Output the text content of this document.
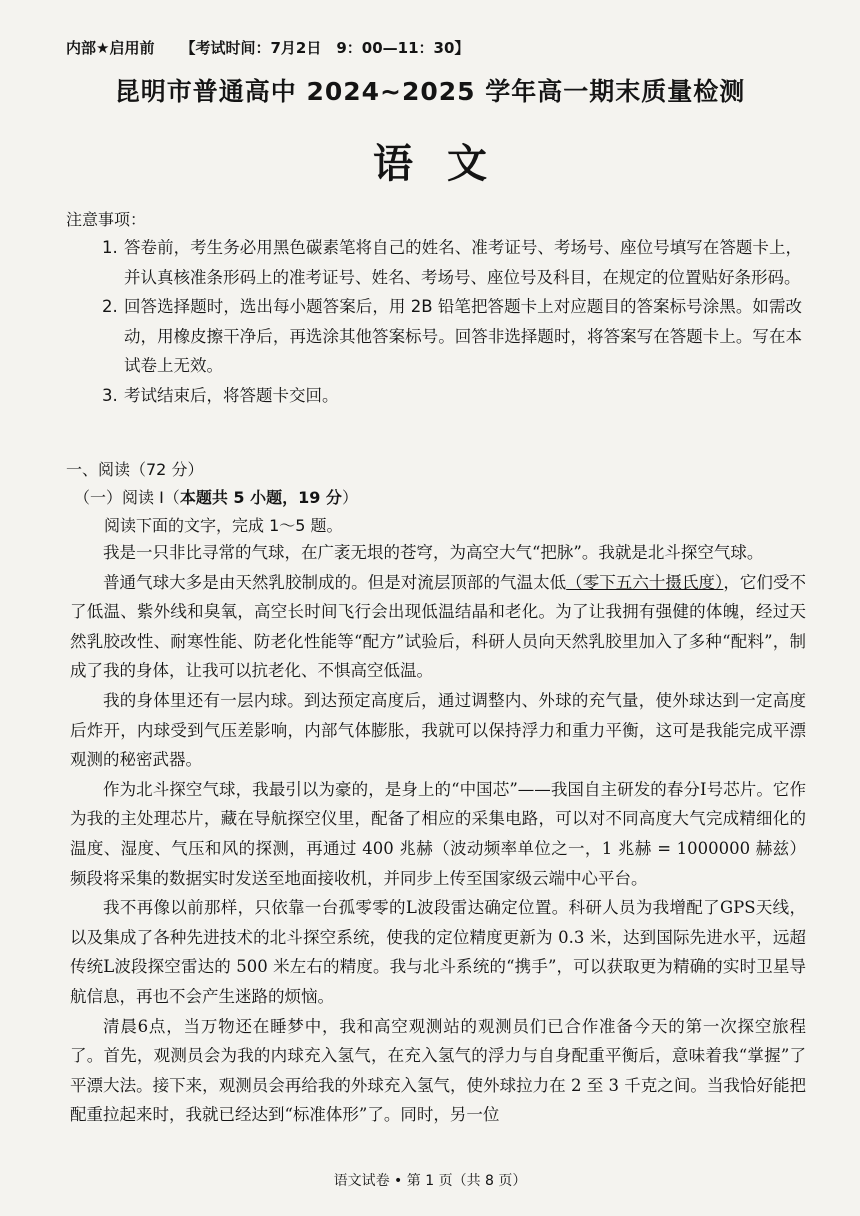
内部★启用前 【考试时间：7月2日　9：00—11：30】
昆明市普通高中 2024~2025 学年高一期末质量检测
语文
注意事项：
1. 答卷前，考生务必用黑色碳素笔将自己的姓名、准考证号、考场号、座位号填写在答题卡上，并认真核准条形码上的准考证号、姓名、考场号、座位号及科目，在规定的位置贴好条形码。
2. 回答选择题时，选出每小题答案后，用 2B 铅笔把答题卡上对应题目的答案标号涂黑。如需改动，用橡皮擦干净后，再选涂其他答案标号。回答非选择题时，将答案写在答题卡上。写在本试卷上无效。
3. 考试结束后，将答题卡交回。
一、阅读（72 分）
（一）阅读 I（本题共 5 小题，19 分）
阅读下面的文字，完成 1～5 题。

我是一只非比寻常的气球，在广袤无垠的苍穹，为高空大气“把脉”。我就是北斗探空气球。

普通气球大多是由天然乳胶制成的。但是对流层顶部的气温太低（零下五六十摄氏度），它们受不了低温、紫外线和臭氧，高空长时间飞行会出现低温结晶和老化。为了让我拥有强健的体魄，经过天然乳胶改性、耐寒性能、防老化性能等“配方”试验后，科研人员向天然乳胶里加入了多种“配料”，制成了我的身体，让我可以抗老化、不惧高空低温。

我的身体里还有一层内球。到达预定高度后，通过调整内、外球的充气量，使外球达到一定高度后炸开，内球受到气压差影响，内部气体膨胀，我就可以保持浮力和重力平衡，这可是我能完成平漂观测的秘密武器。

作为北斗探空气球，我最引以为豪的，是身上的“中国芯”——我国自主研发的春分I号芯片。它作为我的主处理芯片，藏在导航探空仪里，配备了相应的采集电路，可以对不同高度大气完成精细化的温度、湿度、气压和风的探测，再通过 400 兆赫（波动频率单位之一，1 兆赫 = 1000000 赫兹）频段将采集的数据实时发送至地面接收机，并同步上传至国家级云端中心平台。

我不再像以前那样，只依靠一台孤零零的L波段雷达确定位置。科研人员为我增配了GPS天线，以及集成了各种先进技术的北斗探空系统，使我的定位精度更新为 0.3 米，达到国际先进水平，远超传统L波段探空雷达的 500 米左右的精度。我与北斗系统的“携手”，可以获取更为精确的实时卫星导航信息，再也不会产生迷路的烦恼。

清晨6点，当万物还在睡梦中，我和高空观测站的观测员们已合作准备今天的第一次探空旅程了。首先，观测员会为我的内球充入氢气，在充入氢气的浮力与自身配重平衡后，意味着我“掌握”了平漂大法。接下来，观测员会再给我的外球充入氢气，使外球拉力在 2 至 3 千克之间。当我恰好能把配重拉起来时，我就已经达到“标准体形”了。同时，另一位

语文试卷 • 第 1 页（共 8 页）
